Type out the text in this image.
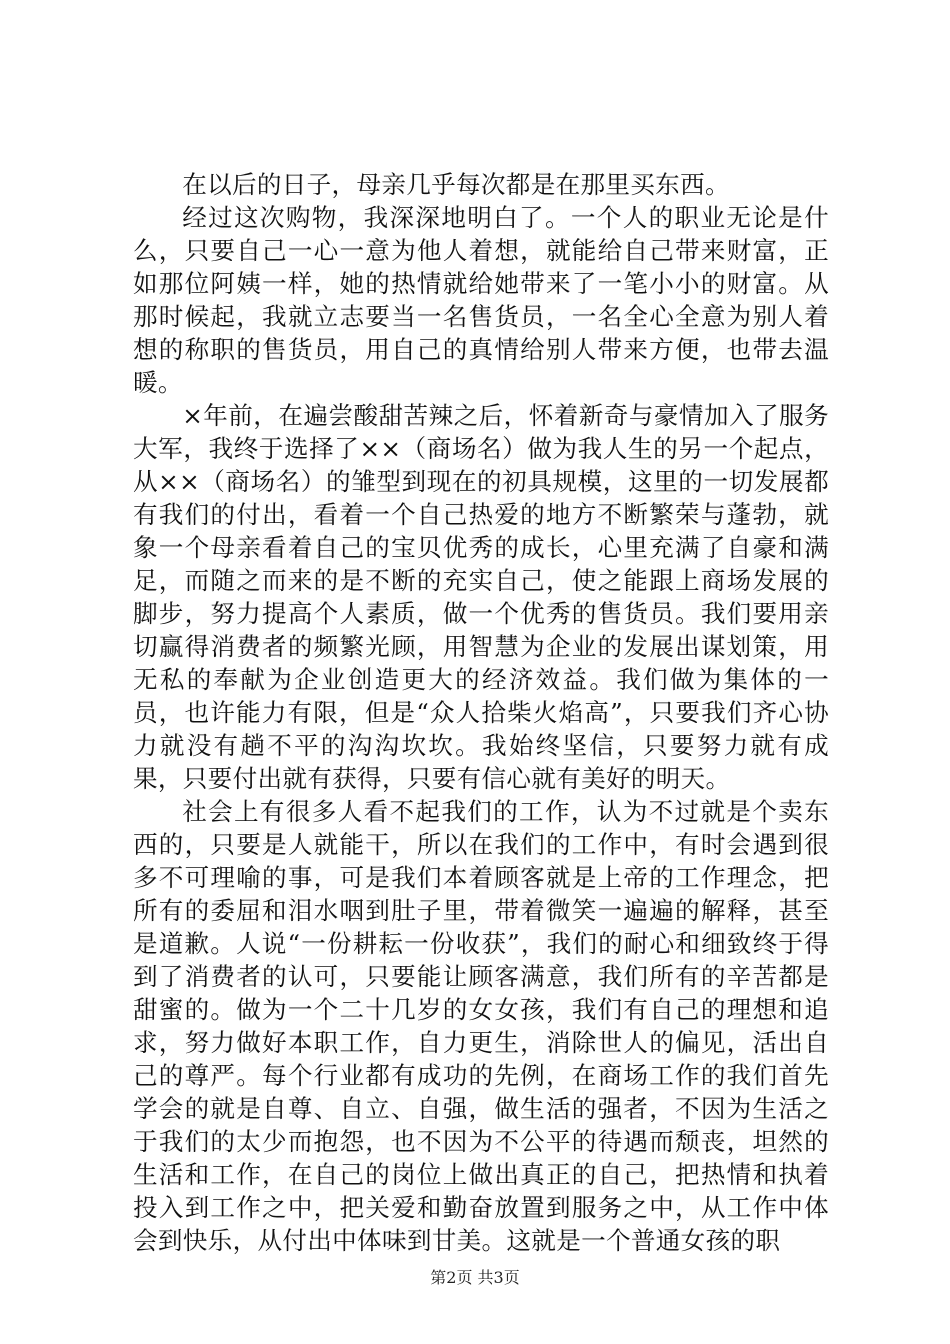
在以后的日子，母亲几乎每次都是在那里买东西。

经过这次购物，我深深地明白了。一个人的职业无论是什么，只要自己一心一意为他人着想，就能给自己带来财富，正如那位阿姨一样，她的热情就给她带来了一笔小小的财富。从那时候起，我就立志要当一名售货员，一名全心全意为别人着想的称职的售货员，用自己的真情给别人带来方便，也带去温暖。

×年前，在遍尝酸甜苦辣之后，怀着新奇与豪情加入了服务大军，我终于选择了××（商场名）做为我人生的另一个起点，从××（商场名）的雏型到现在的初具规模，这里的一切发展都有我们的付出，看着一个自己热爱的地方不断繁荣与蓬勃，就象一个母亲看着自己的宝贝优秀的成长，心里充满了自豪和满足，而随之而来的是不断的充实自己，使之能跟上商场发展的脚步，努力提高个人素质，做一个优秀的售货员。我们要用亲切赢得消费者的频繁光顾，用智慧为企业的发展出谋划策，用无私的奉献为企业创造更大的经济效益。我们做为集体的一员，也许能力有限，但是“众人拾柴火焰高”，只要我们齐心协力就没有趟不平的沟沟坎坎。我始终坚信，只要努力就有成果，只要付出就有获得，只要有信心就有美好的明天。

社会上有很多人看不起我们的工作，认为不过就是个卖东西的，只要是人就能干，所以在我们的工作中，有时会遇到很多不可理喻的事，可是我们本着顾客就是上帝的工作理念，把所有的委屈和泪水咽到肚子里，带着微笑一遍遍的解释，甚至是道歉。人说“一份耕耘一份收获”，我们的耐心和细致终于得到了消费者的认可，只要能让顾客满意，我们所有的辛苦都是甜蜜的。做为一个二十几岁的女女孩，我们有自己的理想和追求，努力做好本职工作，自力更生，消除世人的偏见，活出自己的尊严。每个行业都有成功的先例，在商场工作的我们首先学会的就是自尊、自立、自强，做生活的强者，不因为生活之于我们的太少而抱怨，也不因为不公平的待遇而颓丧，坦然的生活和工作，在自己的岗位上做出真正的自己，把热情和执着投入到工作之中，把关爱和勤奋放置到服务之中，从工作中体会到快乐，从付出中体味到甘美。这就是一个普通女孩的职

第2页 共3页
